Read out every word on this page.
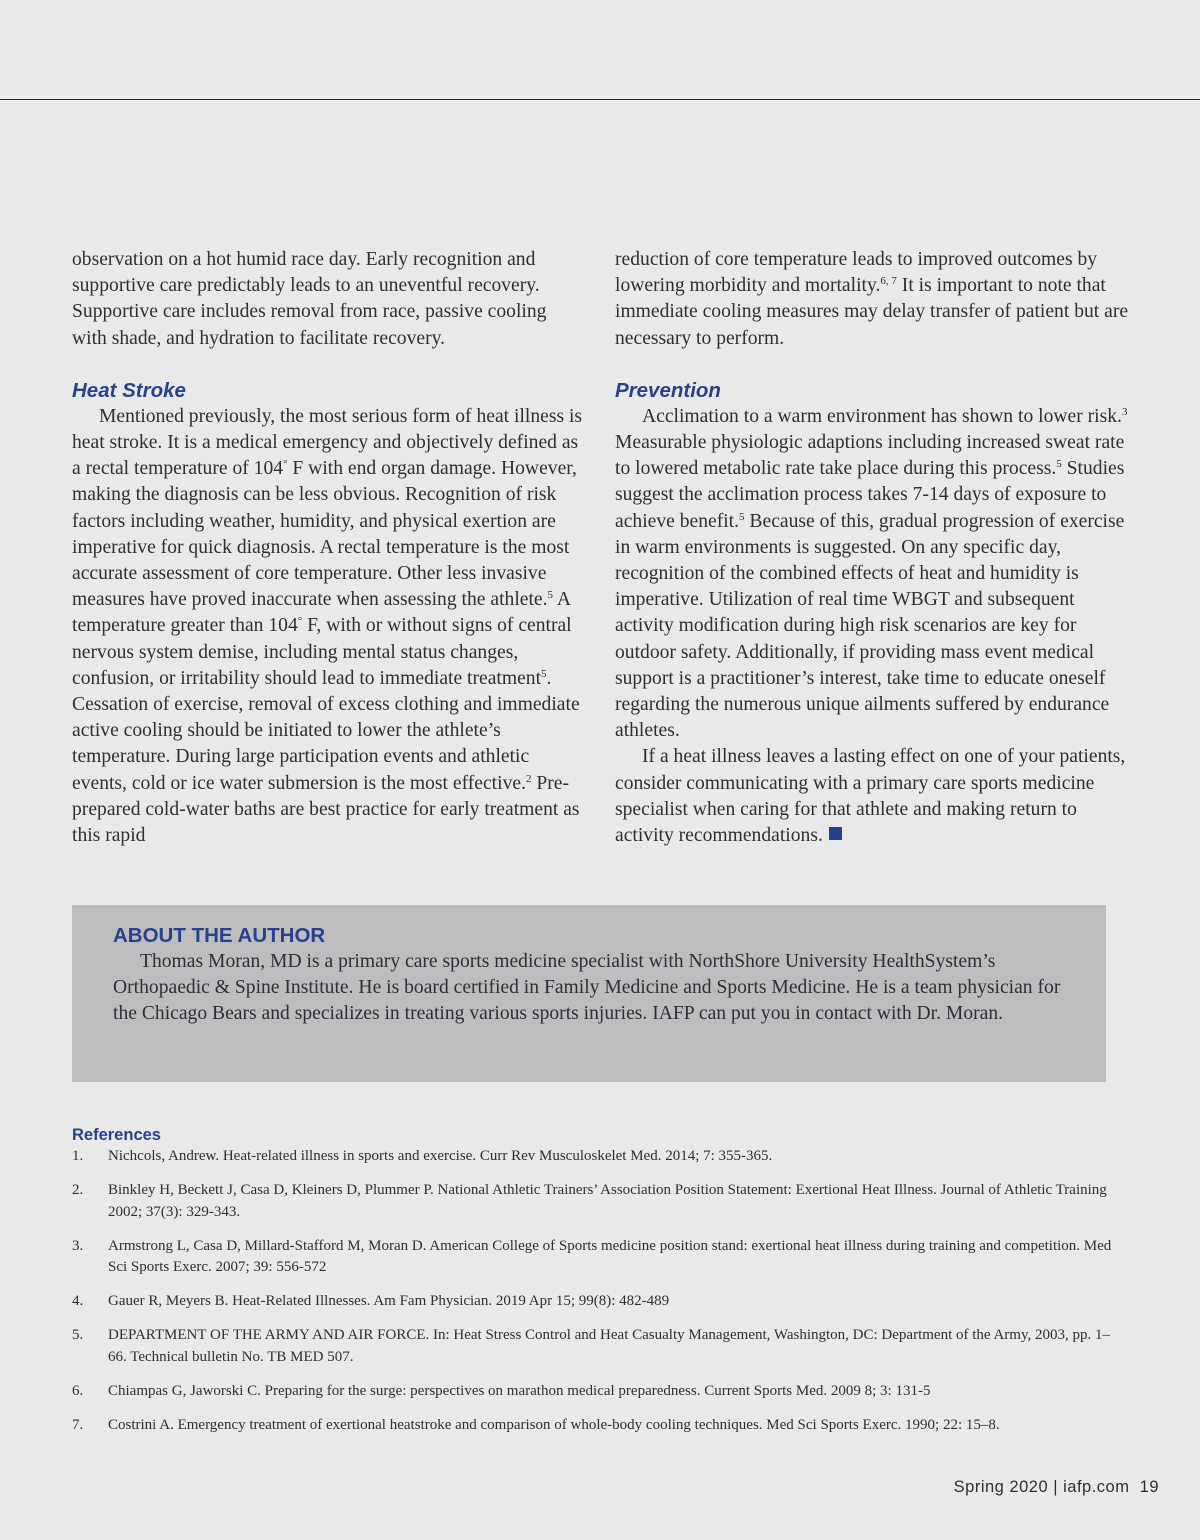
observation on a hot humid race day. Early recognition and supportive care predictably leads to an uneventful recovery. Supportive care includes removal from race, passive cooling with shade, and hydration to facilitate recovery.

Heat Stroke

Mentioned previously, the most serious form of heat illness is heat stroke. It is a medical emergency and objectively defined as a rectal temperature of 104° F with end organ damage. However, making the diagnosis can be less obvious. Recognition of risk factors including weather, humidity, and physical exertion are imperative for quick diagnosis. A rectal temperature is the most accurate assessment of core temperature. Other less invasive measures have proved inaccurate when assessing the athlete.$^5$ A temperature greater than 104° F, with or without signs of central nervous system demise, including mental status changes, confusion, or irritability should lead to immediate treatment$^5$. Cessation of exercise, removal of excess clothing and immediate active cooling should be initiated to lower the athlete’s temperature. During large participation events and athletic events, cold or ice water submersion is the most effective.$^2$ Pre-prepared cold-water baths are best practice for early treatment as this rapid

reduction of core temperature leads to improved outcomes by lowering morbidity and mortality.$^{6, 7}$ It is important to note that immediate cooling measures may delay transfer of patient but are necessary to perform.

Prevention

Acclimation to a warm environment has shown to lower risk.$^3$ Measurable physiologic adaptions including increased sweat rate to lowered metabolic rate take place during this process.$^5$ Studies suggest the acclimation process takes 7-14 days of exposure to achieve benefit.$^5$ Because of this, gradual progression of exercise in warm environments is suggested. On any specific day, recognition of the combined effects of heat and humidity is imperative. Utilization of real time WBGT and subsequent activity modification during high risk scenarios are key for outdoor safety. Additionally, if providing mass event medical support is a practitioner’s interest, take time to educate oneself regarding the numerous unique ailments suffered by endurance athletes.

If a heat illness leaves a lasting effect on one of your patients, consider communicating with a primary care sports medicine specialist when caring for that athlete and making return to activity recommendations.

ABOUT THE AUTHOR

Thomas Moran, MD is a primary care sports medicine specialist with NorthShore University HealthSystem’s Orthopaedic & Spine Institute. He is board certified in Family Medicine and Sports Medicine. He is a team physician for the Chicago Bears and specializes in treating various sports injuries. IAFP can put you in contact with Dr. Moran.

References
1. Nichcols, Andrew. Heat-related illness in sports and exercise. Curr Rev Musculoskelet Med. 2014; 7: 355-365.
2. Binkley H, Beckett J, Casa D, Kleiners D, Plummer P. National Athletic Trainers’ Association Position Statement: Exertional Heat Illness. Journal of Athletic Training 2002; 37(3): 329-343.
3. Armstrong L, Casa D, Millard-Stafford M, Moran D. American College of Sports medicine position stand: exertional heat illness during training and competition. Med Sci Sports Exerc. 2007; 39: 556-572
4. Gauer R, Meyers B. Heat-Related Illnesses. Am Fam Physician. 2019 Apr 15; 99(8): 482-489
5. DEPARTMENT OF THE ARMY AND AIR FORCE. In: Heat Stress Control and Heat Casualty Management, Washington, DC: Department of the Army, 2003, pp. 1–66. Technical bulletin No. TB MED 507.
6. Chiampas G, Jaworski C. Preparing for the surge: perspectives on marathon medical preparedness. Current Sports Med. 2009 8; 3: 131-5
7. Costrini A. Emergency treatment of exertional heatstroke and comparison of whole-body cooling techniques. Med Sci Sports Exerc. 1990; 22: 15–8.
Spring 2020 | iafp.com 19
